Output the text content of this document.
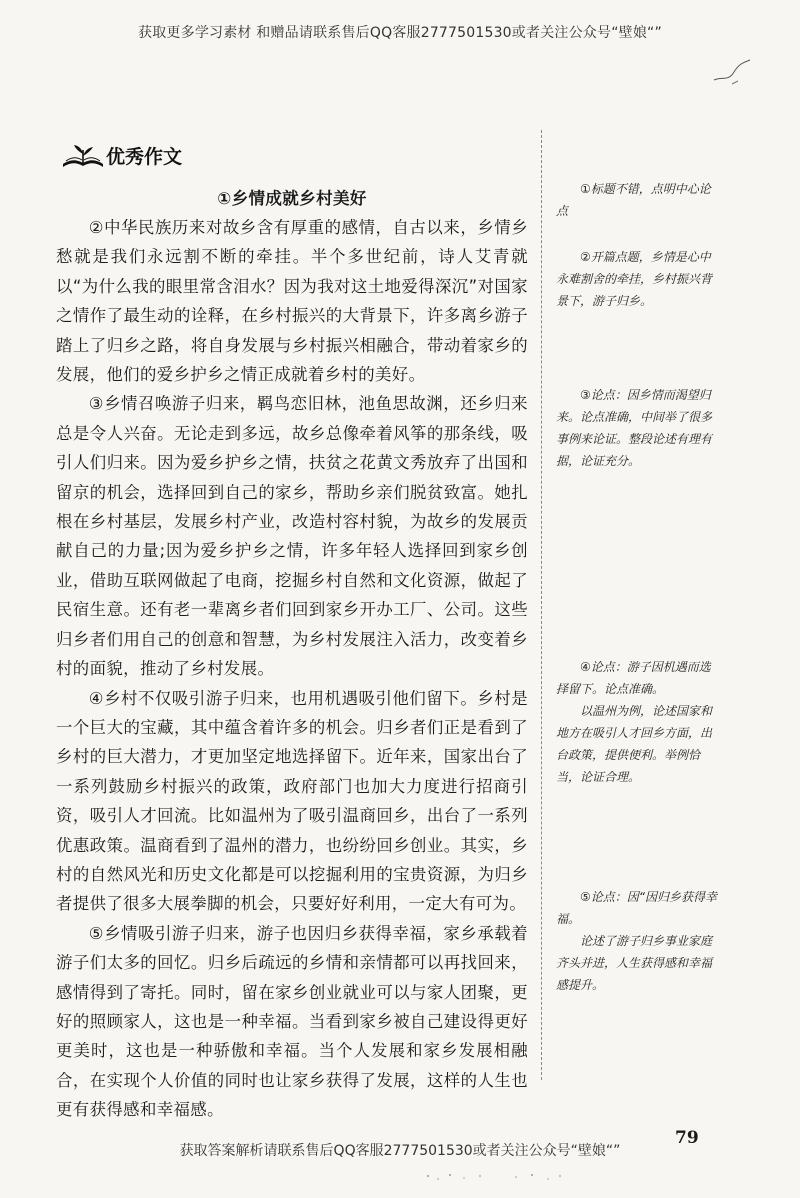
获取更多学习素材 和赠品请联系售后QQ客服2777501530或者关注公众号“壁娘“”
优秀作文
①乡情成就乡村美好

②中华民族历来对故乡含有厚重的感情，自古以来，乡情乡愁就是我们永远割不断的牵挂。半个多世纪前，诗人艾青就以“为什么我的眼里常含泪水？因为我对这土地爱得深沉”对国家之情作了最生动的诠释，在乡村振兴的大背景下，许多离乡游子踏上了归乡之路，将自身发展与乡村振兴相融合，带动着家乡的发展，他们的爱乡护乡之情正成就着乡村的美好。

③乡情召唤游子归来，羁鸟恋旧林，池鱼思故渊，还乡归来总是令人兴奋。无论走到多远，故乡总像牵着风筝的那条线，吸引人们归来。因为爱乡护乡之情，扶贫之花黄文秀放弃了出国和留京的机会，选择回到自己的家乡，帮助乡亲们脱贫致富。她扎根在乡村基层，发展乡村产业，改造村容村貌，为故乡的发展贡献自己的力量;因为爱乡护乡之情，许多年轻人选择回到家乡创业，借助互联网做起了电商，挖掘乡村自然和文化资源，做起了民宿生意。还有老一辈离乡者们回到家乡开办工厂、公司。这些归乡者们用自己的创意和智慧，为乡村发展注入活力，改变着乡村的面貌，推动了乡村发展。

④乡村不仅吸引游子归来，也用机遇吸引他们留下。乡村是一个巨大的宝藏，其中蕴含着许多的机会。归乡者们正是看到了乡村的巨大潜力，才更加坚定地选择留下。近年来，国家出台了一系列鼓励乡村振兴的政策，政府部门也加大力度进行招商引资，吸引人才回流。比如温州为了吸引温商回乡，出台了一系列优惠政策。温商看到了温州的潜力，也纷纷回乡创业。其实，乡村的自然风光和历史文化都是可以挖掘利用的宝贵资源，为归乡者提供了很多大展拳脚的机会，只要好好利用，一定大有可为。

⑤乡情吸引游子归来，游子也因归乡获得幸福，家乡承载着游子们太多的回忆。归乡后疏远的乡情和亲情都可以再找回来，感情得到了寄托。同时，留在家乡创业就业可以与家人团聚，更好的照顾家人，这也是一种幸福。当看到家乡被自己建设得更好更美时，这也是一种骄傲和幸福。当个人发展和家乡发展相融合，在实现个人价值的同时也让家乡获得了发展，这样的人生也更有获得感和幸福感。

①标题不错，点明中心论点

②开篇点题，乡情是心中永难割舍的牵挂，乡村振兴背景下，游子归乡。

③论点：因乡情而渴望归来。论点准确，中间举了很多事例来论证。整段论述有理有据，论证充分。

④论点：游子因机遇而选择留下。论点准确。

以温州为例，论述国家和地方在吸引人才回乡方面，出台政策，提供便利。举例恰当，论证合理。

⑤论点：因“因归乡获得幸福。

论述了游子归乡事业家庭齐头并进，人生获得感和幸福感提升。

79
获取答案解析请联系售后QQ客服2777501530或者关注公众号“壁娘“”
